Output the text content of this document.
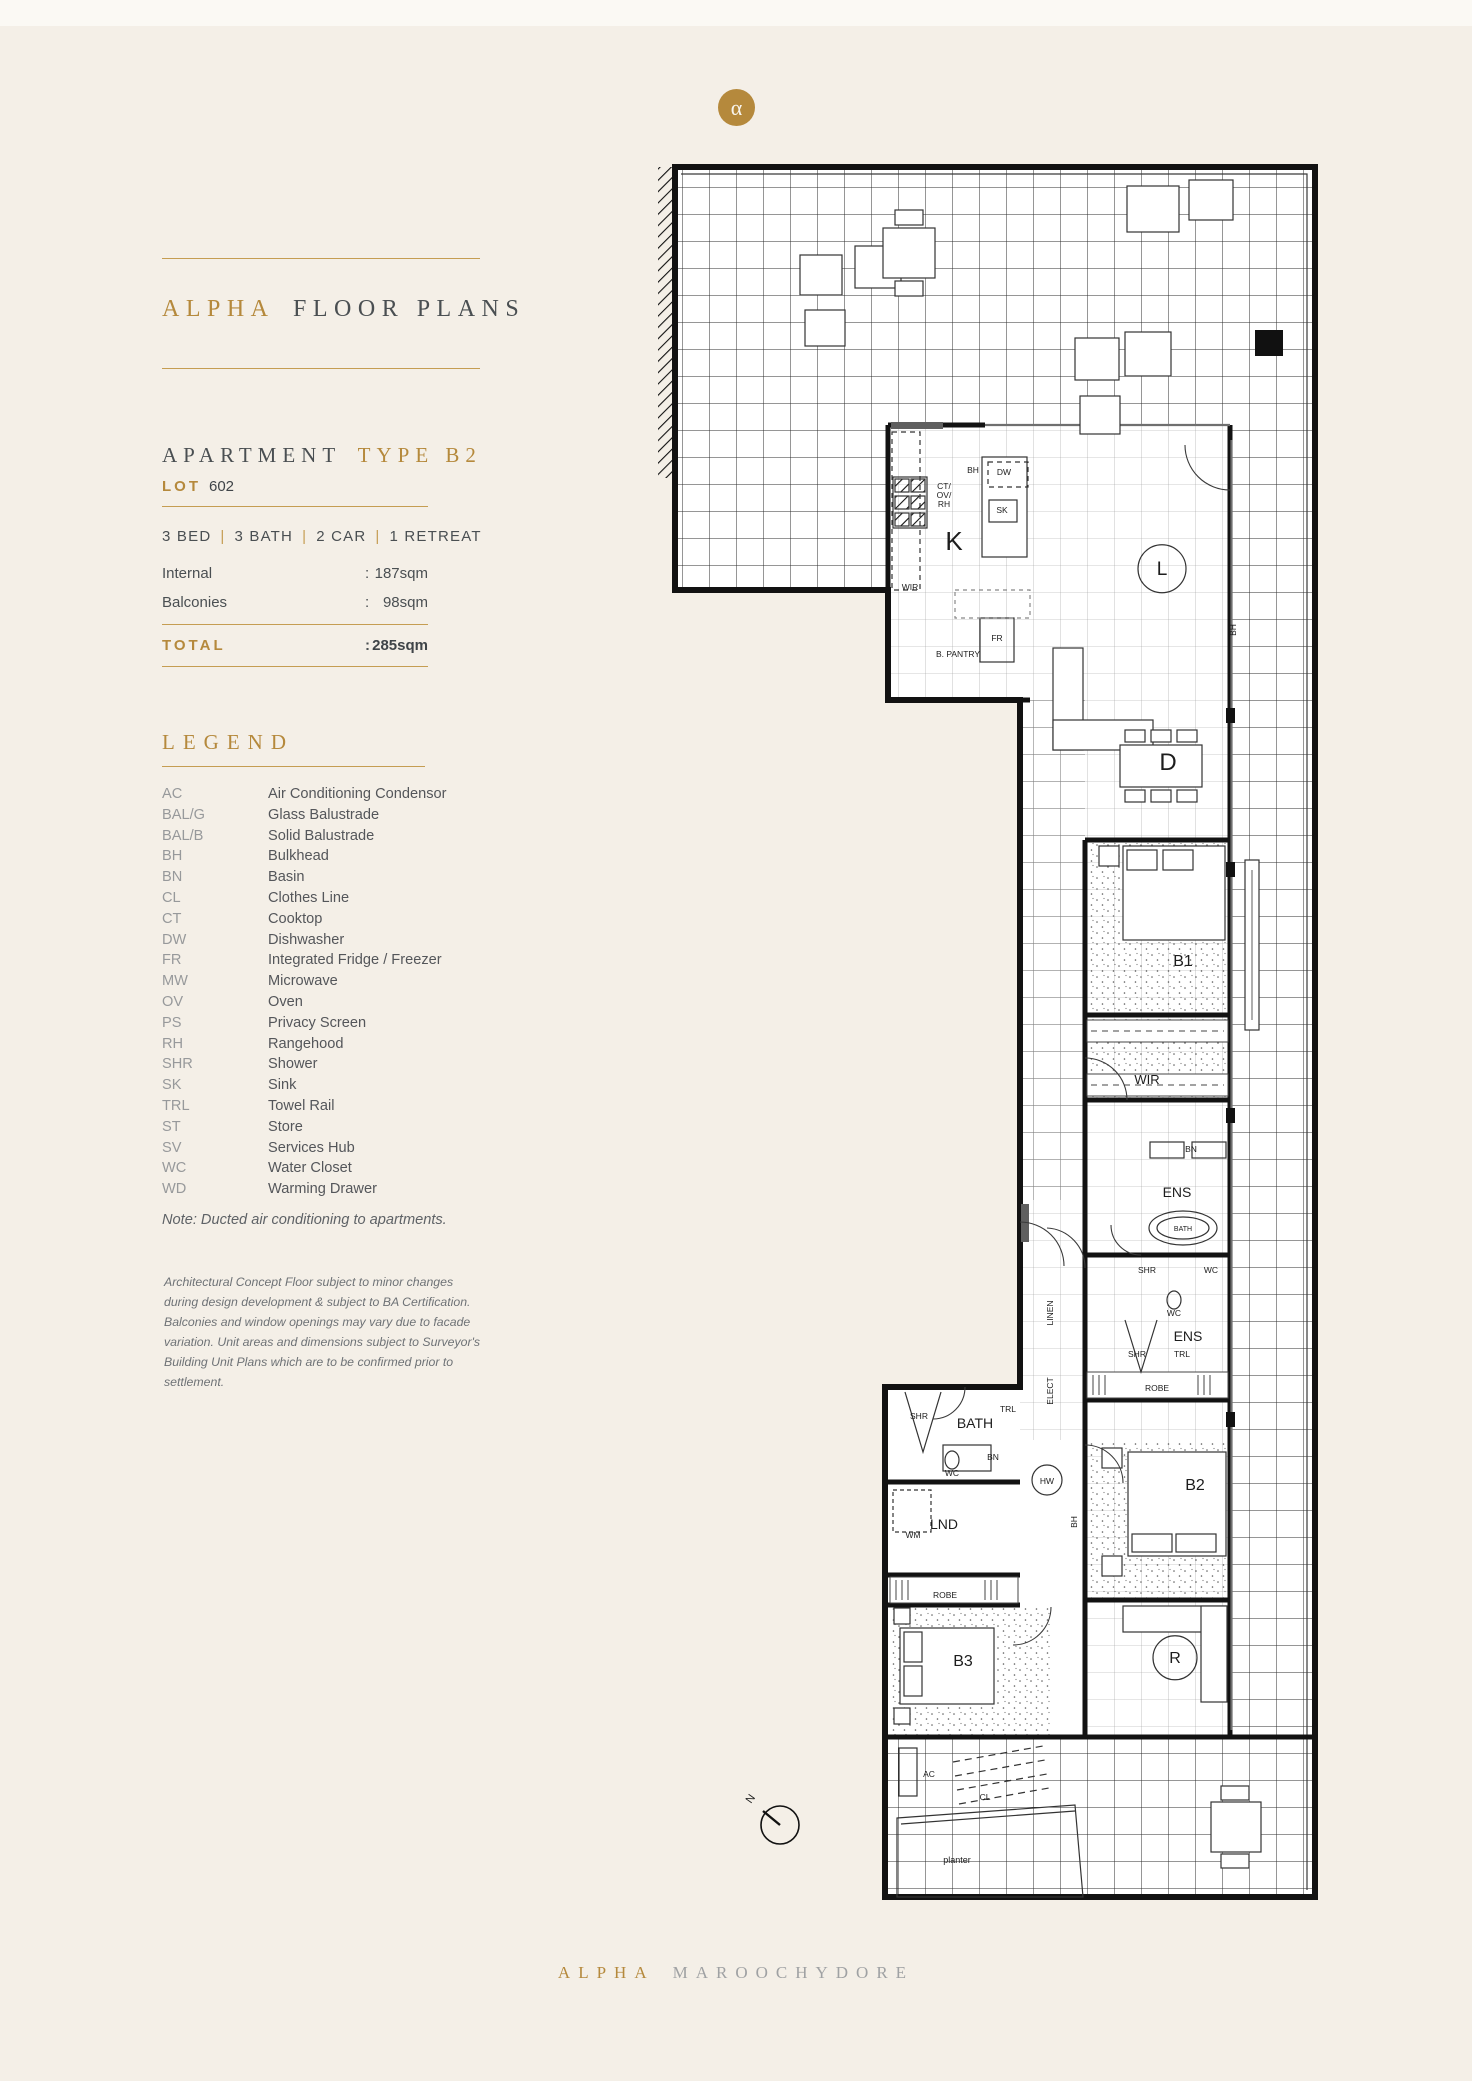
α
ALPHA  FLOOR PLANS
APARTMENT  TYPE B2
LOT 602
3 BED | 3 BATH | 2 CAR | 1 RETREAT
Internal	: 187sqm
Balconies	: 98sqm
TOTAL	: 285sqm
LEGEND
AC	Air Conditioning Condensor
BAL/G	Glass Balustrade
BAL/B	Solid Balustrade
BH	Bulkhead
BN	Basin
CL	Clothes Line
CT	Cooktop
DW	Dishwasher
FR	Integrated Fridge / Freezer
MW	Microwave
OV	Oven
PS	Privacy Screen
RH	Rangehood
SHR	Shower
SK	Sink
TRL	Towel Rail
ST	Store
SV	Services Hub
WC	Water Closet
WD	Warming Drawer
Note: Ducted air conditioning to apartments.
Architectural Concept Floor subject to minor changes during design development & subject to BA Certification. Balconies and window openings may vary due to facade variation. Unit areas and dimensions subject to Surveyor's Building Unit Plans which are to be confirmed prior to settlement.
N
K
L
D
B1
WIR
ENS
ENS
BATH
LND
B3
B2
R
CT/
OV/
RH
BH DW
SK
WIR
B. PANTRY
FR
BH
BN
BATH
SHR	WC
WC
SHR	TRL
ROBE
LINEN
ELECT
HW
SHR
TRL
BN
WC
WM
ROBE
BH
AC
CL
planter
ALPHA MAROOCHYDORE
